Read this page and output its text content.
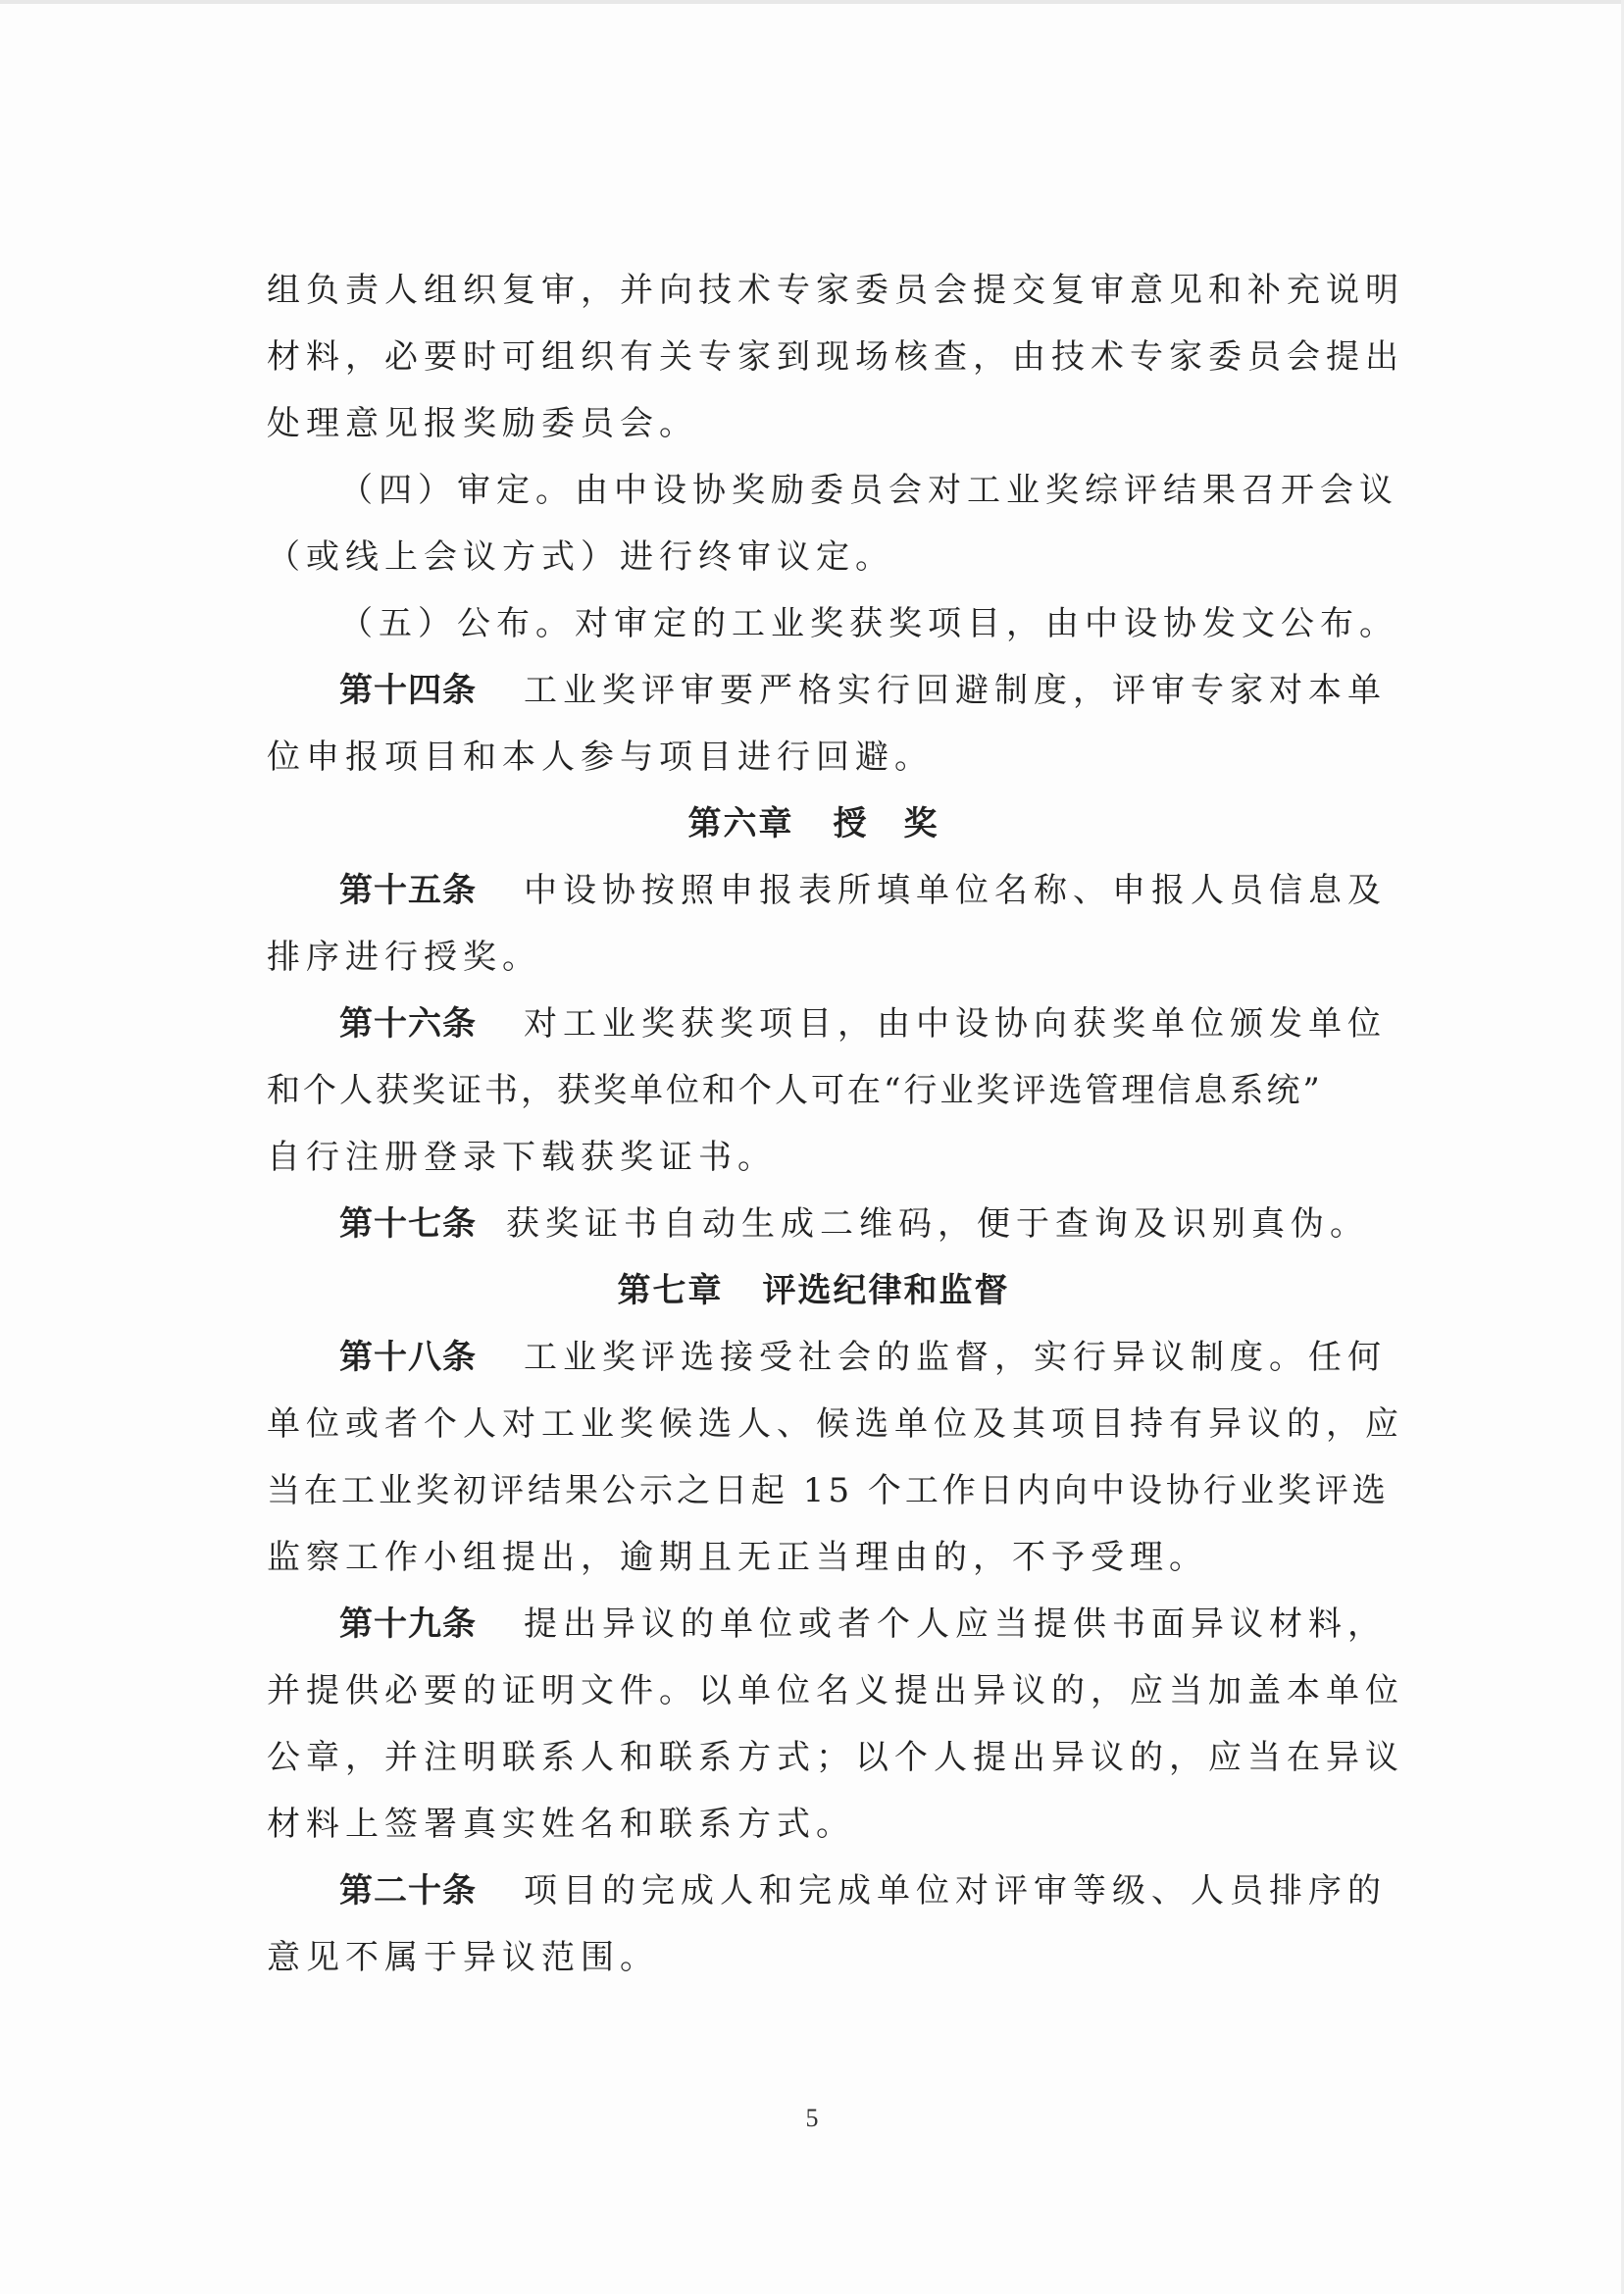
组负责人组织复审，并向技术专家委员会提交复审意见和补充说明

材料，必要时可组织有关专家到现场核查，由技术专家委员会提出

处理意见报奖励委员会。

（四）审定。由中设协奖励委员会对工业奖综评结果召开会议

（或线上会议方式）进行终审议定。

（五）公布。对审定的工业奖获奖项目，由中设协发文公布。

第十四条 工业奖评审要严格实行回避制度，评审专家对本单

位申报项目和本人参与项目进行回避。

第六章 授　奖

第十五条 中设协按照申报表所填单位名称、申报人员信息及

排序进行授奖。

第十六条 对工业奖获奖项目，由中设协向获奖单位颁发单位

和个人获奖证书，获奖单位和个人可在“行业奖评选管理信息系统”

自行注册登录下载获奖证书。

第十七条 获奖证书自动生成二维码，便于查询及识别真伪。

第七章 评选纪律和监督

第十八条 工业奖评选接受社会的监督，实行异议制度。任何

单位或者个人对工业奖候选人、候选单位及其项目持有异议的，应

当在工业奖初评结果公示之日起 15 个工作日内向中设协行业奖评选

监察工作小组提出，逾期且无正当理由的，不予受理。

第十九条 提出异议的单位或者个人应当提供书面异议材料，

并提供必要的证明文件。以单位名义提出异议的，应当加盖本单位

公章，并注明联系人和联系方式；以个人提出异议的，应当在异议

材料上签署真实姓名和联系方式。

第二十条 项目的完成人和完成单位对评审等级、人员排序的

意见不属于异议范围。

5
